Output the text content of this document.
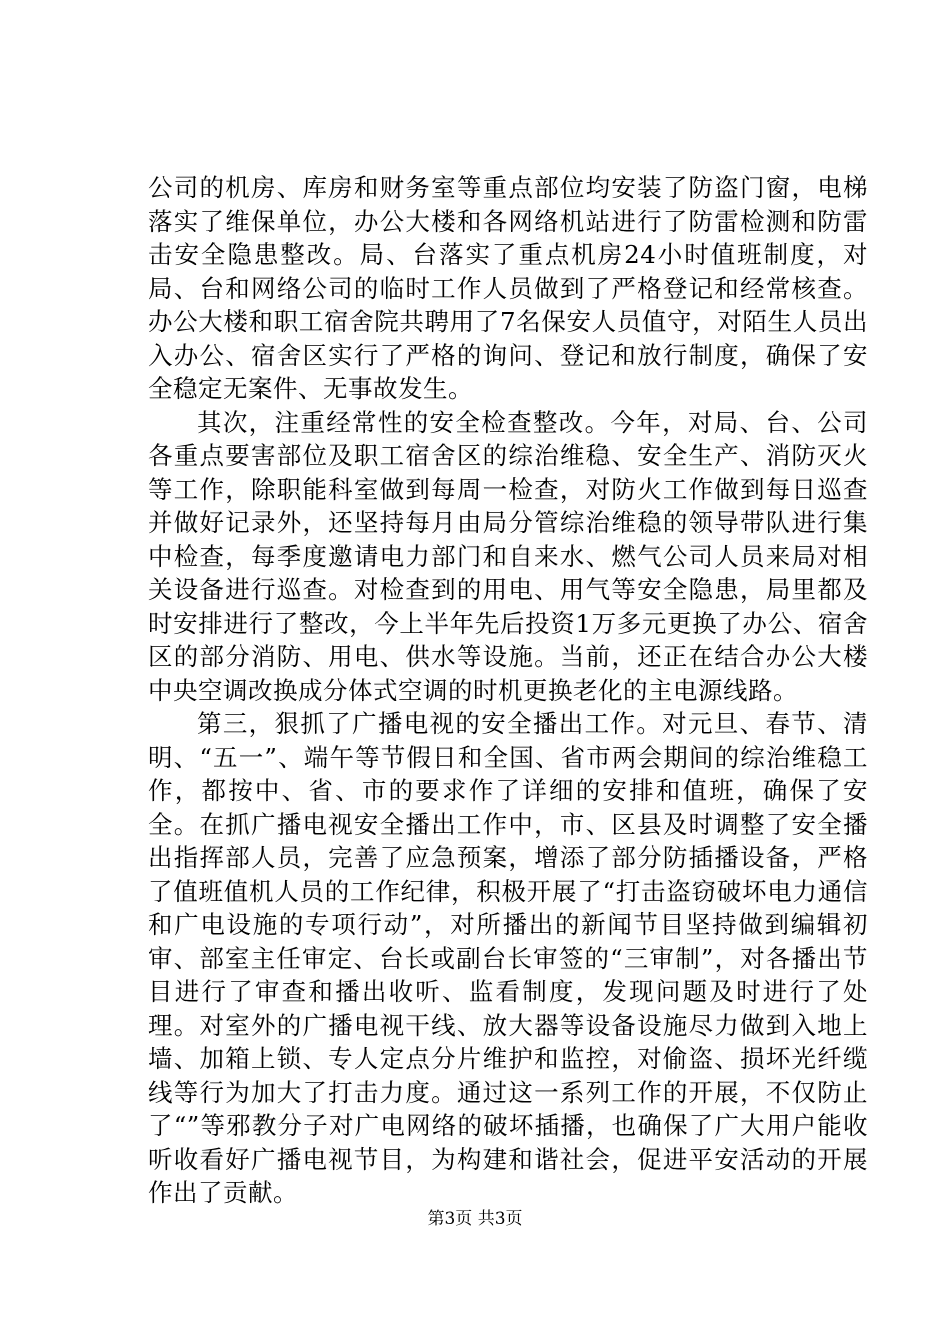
公司的机房、库房和财务室等重点部位均安装了防盗门窗，电梯落实了维保单位，办公大楼和各网络机站进行了防雷检测和防雷击安全隐患整改。局、台落实了重点机房24小时值班制度，对局、台和网络公司的临时工作人员做到了严格登记和经常核查。办公大楼和职工宿舍院共聘用了7名保安人员值守，对陌生人员出入办公、宿舍区实行了严格的询问、登记和放行制度，确保了安全稳定无案件、无事故发生。

其次，注重经常性的安全检查整改。今年，对局、台、公司各重点要害部位及职工宿舍区的综治维稳、安全生产、消防灭火等工作，除职能科室做到每周一检查，对防火工作做到每日巡查并做好记录外，还坚持每月由局分管综治维稳的领导带队进行集中检查，每季度邀请电力部门和自来水、燃气公司人员来局对相关设备进行巡查。对检查到的用电、用气等安全隐患，局里都及时安排进行了整改，今上半年先后投资1万多元更换了办公、宿舍区的部分消防、用电、供水等设施。当前，还正在结合办公大楼中央空调改换成分体式空调的时机更换老化的主电源线路。

第三，狠抓了广播电视的安全播出工作。对元旦、春节、清明、“五一”、端午等节假日和全国、省市两会期间的综治维稳工作，都按中、省、市的要求作了详细的安排和值班，确保了安全。在抓广播电视安全播出工作中，市、区县及时调整了安全播出指挥部人员，完善了应急预案，增添了部分防插播设备，严格了值班值机人员的工作纪律，积极开展了“打击盗窃破坏电力通信和广电设施的专项行动”，对所播出的新闻节目坚持做到编辑初审、部室主任审定、台长或副台长审签的“三审制”，对各播出节目进行了审查和播出收听、监看制度，发现问题及时进行了处理。对室外的广播电视干线、放大器等设备设施尽力做到入地上墙、加箱上锁、专人定点分片维护和监控，对偷盗、损坏光纤缆线等行为加大了打击力度。通过这一系列工作的开展，不仅防止了“”等邪教分子对广电网络的破坏插播，也确保了广大用户能收听收看好广播电视节目，为构建和谐社会，促进平安活动的开展作出了贡献。

第3页 共3页
